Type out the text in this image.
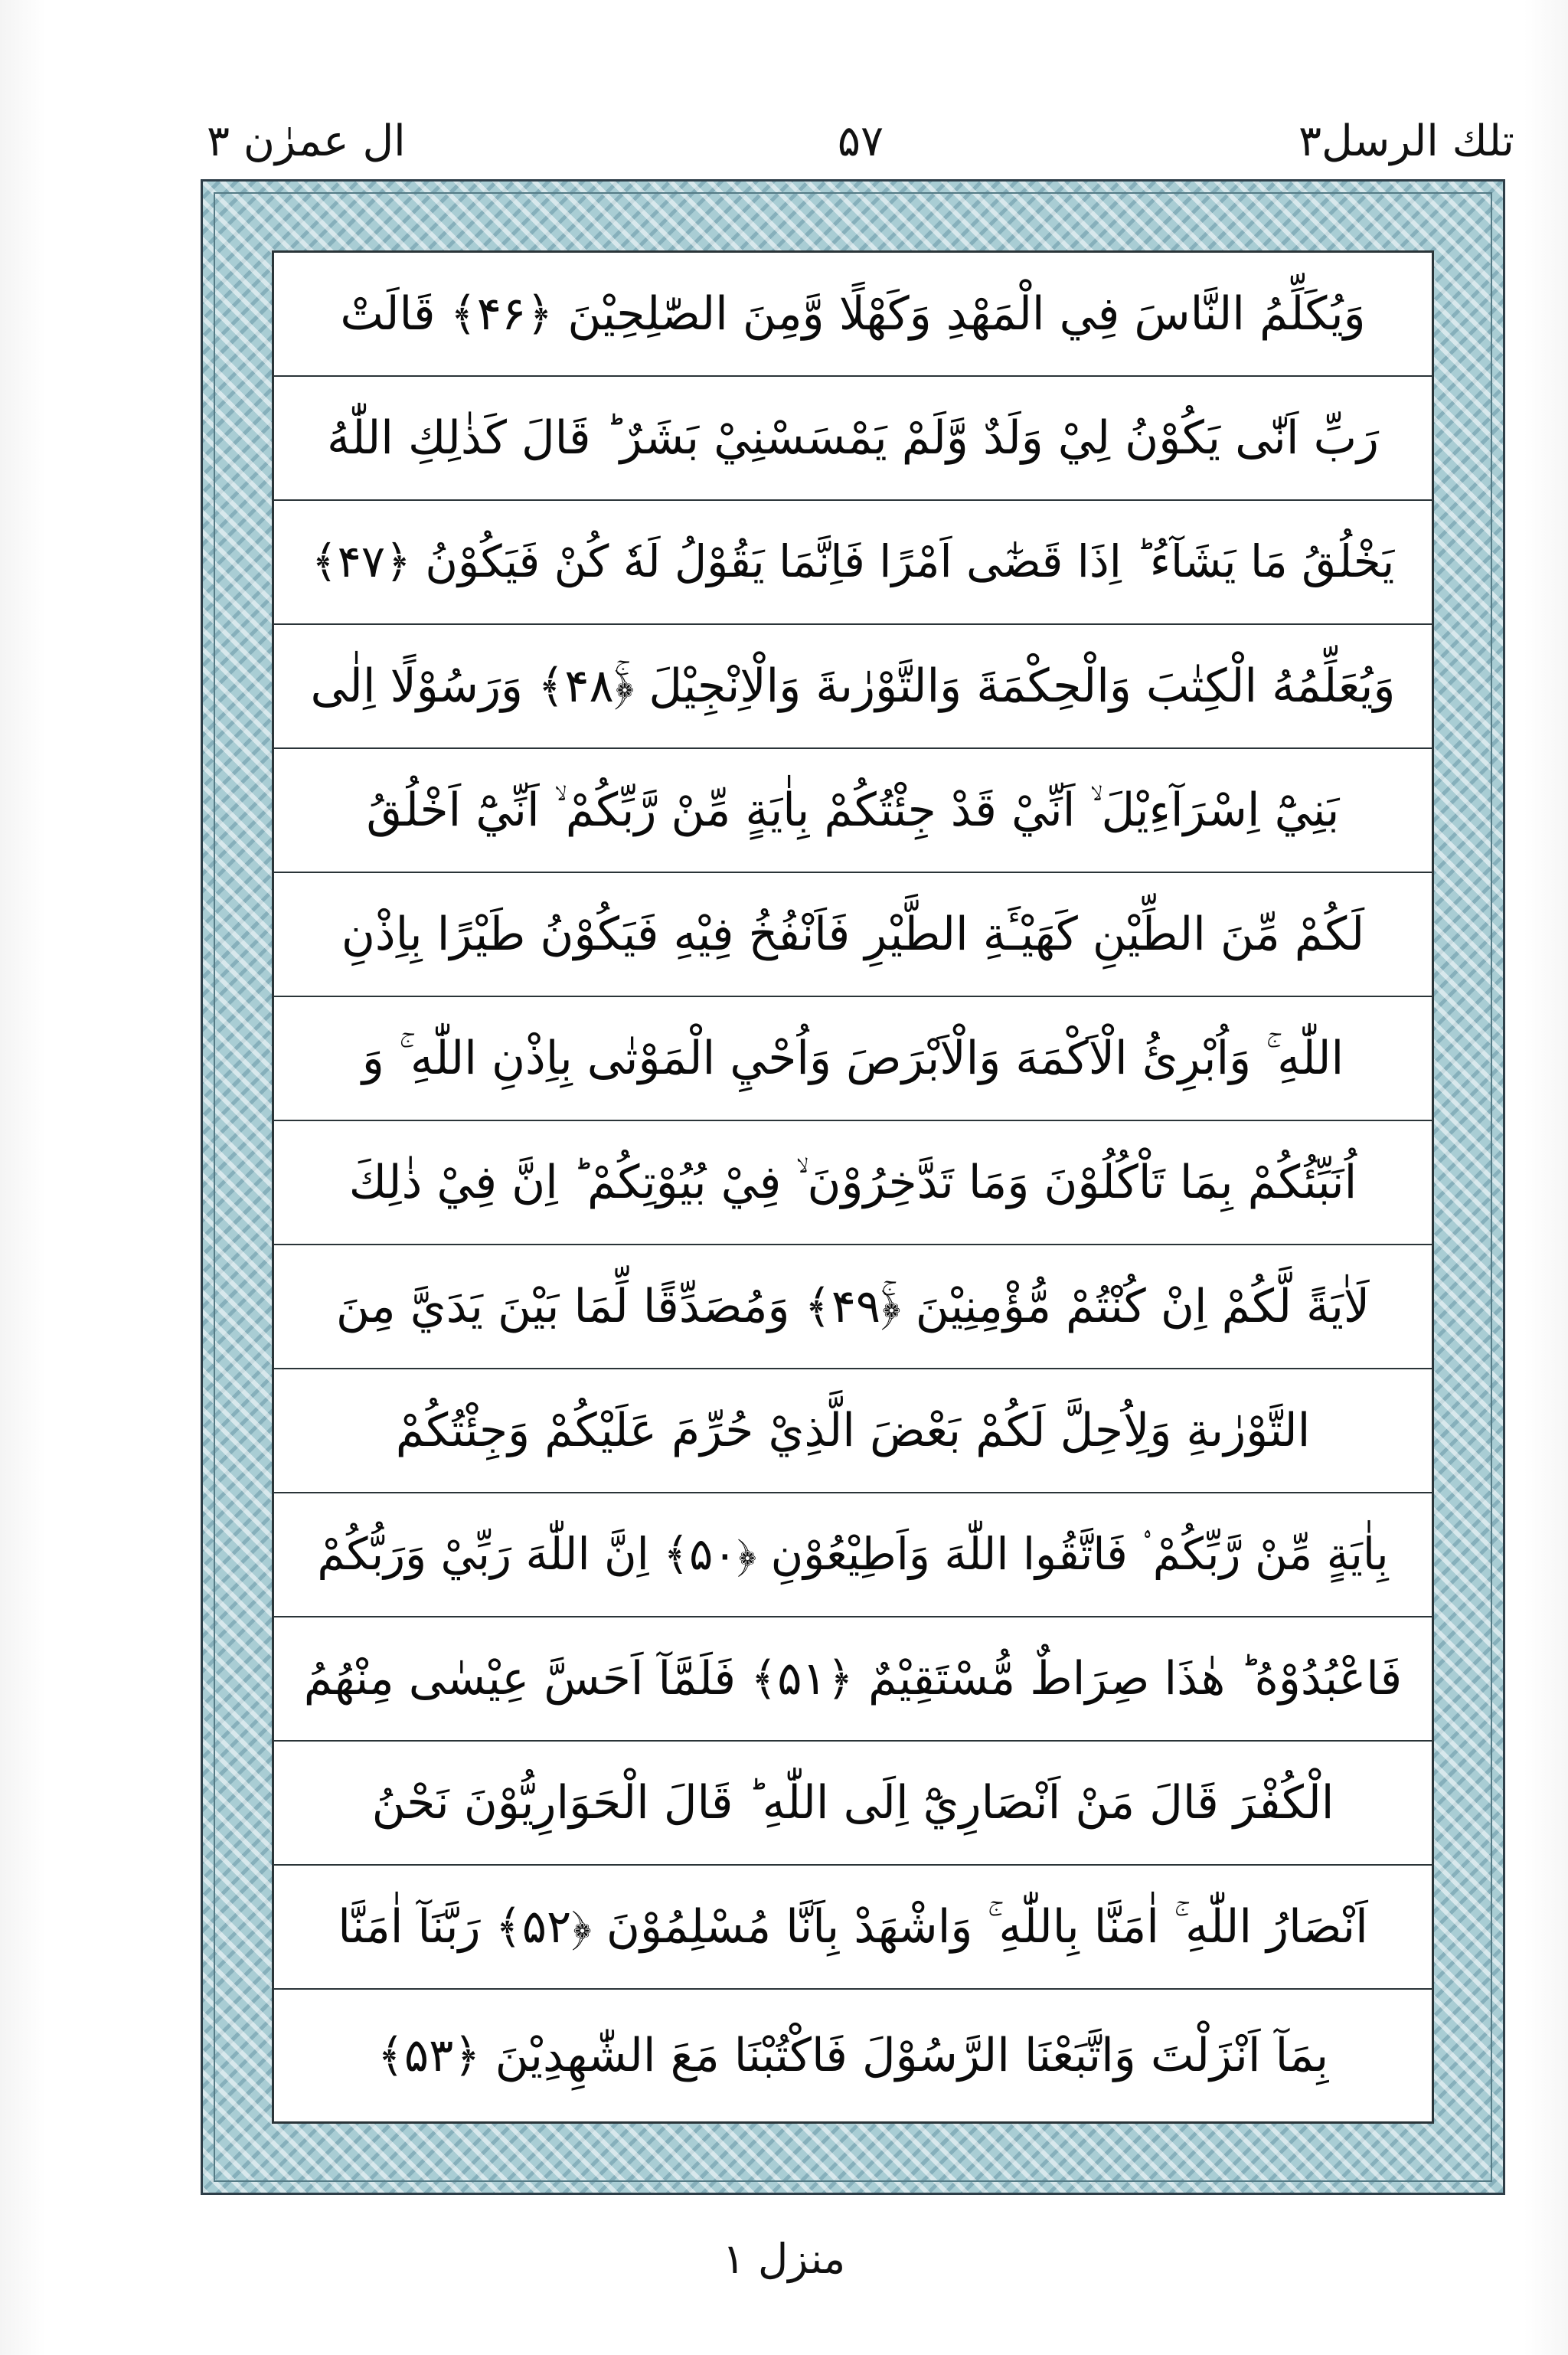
تلك الرسل٣
۵۷
ال عمرٰن ٣
وَيُكَلِّمُ النَّاسَ فِي الْمَهْدِ وَكَهْلًا وَّمِنَ الصّٰلِحِيْنَ ﴿۴۶﴾ قَالَتْ
رَبِّ اَنّٰى يَكُوْنُ لِيْ وَلَدٌ وَّلَمْ يَمْسَسْنِيْ بَشَرٌ ؕ قَالَ كَذٰلِكِ اللّٰهُ
يَخْلُقُ مَا يَشَآءُ ؕ اِذَا قَضٰٓى اَمْرًا فَاِنَّمَا يَقُوْلُ لَهٗ كُنْ فَيَكُوْنُ ﴿۴۷﴾
وَيُعَلِّمُهُ الْكِتٰبَ وَالْحِكْمَةَ وَالتَّوْرٰىةَ وَالْاِنْجِيْلَ ﴿ۚ۴۸﴾ وَرَسُوْلًا اِلٰى
بَنِيْٓ اِسْرَآءِيْلَ ۙ اَنِّيْ قَدْ جِئْتُكُمْ بِاٰيَةٍ مِّنْ رَّبِّكُمْ ۙ اَنِّيْٓ اَخْلُقُ
لَكُمْ مِّنَ الطِّيْنِ كَهَيْـَٔةِ الطَّيْرِ فَاَنْفُخُ فِيْهِ فَيَكُوْنُ طَيْرًا بِاِذْنِ
اللّٰهِ ۚ وَاُبْرِئُ الْاَكْمَهَ وَالْاَبْرَصَ وَاُحْيِ الْمَوْتٰى بِاِذْنِ اللّٰهِ ۚ وَ
اُنَبِّئُكُمْ بِمَا تَاْكُلُوْنَ وَمَا تَدَّخِرُوْنَ ۙ فِيْ بُيُوْتِكُمْ ؕ اِنَّ فِيْ ذٰلِكَ
لَاٰيَةً لَّكُمْ اِنْ كُنْتُمْ مُّؤْمِنِيْنَ ﴿ۚ۴۹﴾ وَمُصَدِّقًا لِّمَا بَيْنَ يَدَيَّ مِنَ
التَّوْرٰىةِ وَلِاُحِلَّ لَكُمْ بَعْضَ الَّذِيْ حُرِّمَ عَلَيْكُمْ وَجِئْتُكُمْ
بِاٰيَةٍ مِّنْ رَّبِّكُمْ ۟ فَاتَّقُوا اللّٰهَ وَاَطِيْعُوْنِ ﴿۵۰﴾ اِنَّ اللّٰهَ رَبِّيْ وَرَبُّكُمْ
فَاعْبُدُوْهُ ؕ هٰذَا صِرَاطٌ مُّسْتَقِيْمٌ ﴿۵۱﴾ فَلَمَّآ اَحَسَّ عِيْسٰى مِنْهُمُ
الْكُفْرَ قَالَ مَنْ اَنْصَارِيْٓ اِلَى اللّٰهِ ؕ قَالَ الْحَوَارِيُّوْنَ نَحْنُ
اَنْصَارُ اللّٰهِ ۚ اٰمَنَّا بِاللّٰهِ ۚ وَاشْهَدْ بِاَنَّا مُسْلِمُوْنَ ﴿۵۲﴾ رَبَّنَآ اٰمَنَّا
بِمَآ اَنْزَلْتَ وَاتَّبَعْنَا الرَّسُوْلَ فَاكْتُبْنَا مَعَ الشّٰهِدِيْنَ ﴿۵۳﴾
منزل ١
